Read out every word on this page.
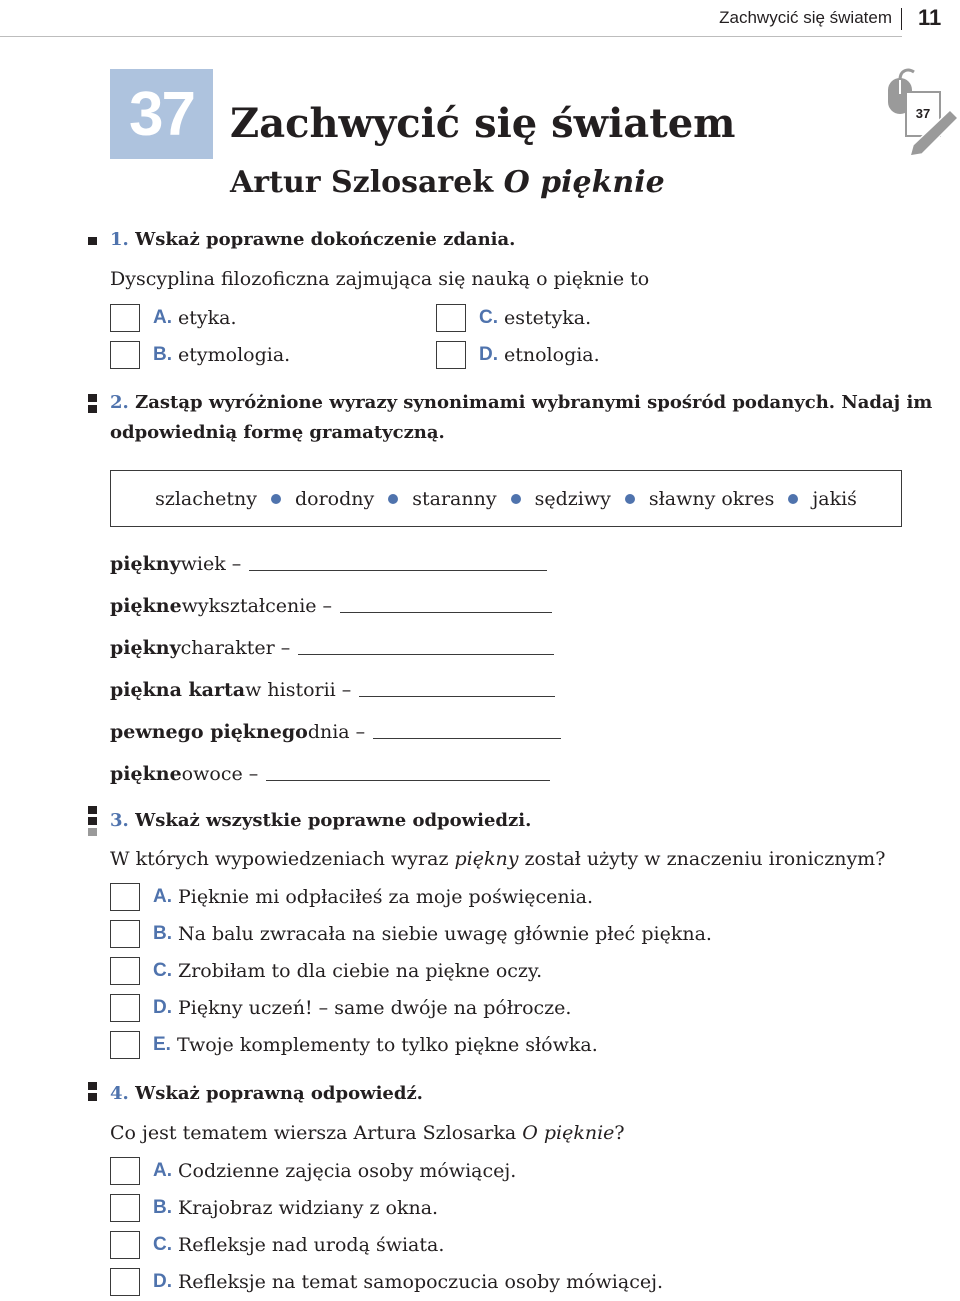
Zachwycić się światem 11
37 Zachwycić się światem
Artur Szlosarek O pięknie
37
1. Wskaż poprawne dokończenie zdania.
Dyscyplina filozoficzna zajmująca się nauką o pięknie to
A. etyka.
B. etymologia.
C. estetyka.
D. etnologia.
2. Zastąp wyróżnione wyrazy synonimami wybranymi spośród podanych. Nadaj im
odpowiednią formę gramatyczną.
szlachetny dorodny staranny sędziwy sławny okres jakiś
piękny wiek –
piękne wykształcenie –
piękny charakter –
piękna karta w historii –
pewnego pięknego dnia –
piękne owoce –
3. Wskaż wszystkie poprawne odpowiedzi.
W których wypowiedzeniach wyraz piękny został użyty w znaczeniu ironicznym?
A. Pięknie mi odpłaciłeś za moje poświęcenia.
B. Na balu zwracała na siebie uwagę głównie płeć piękna.
C. Zrobiłam to dla ciebie na piękne oczy.
D. Piękny uczeń! – same dwóje na półrocze.
E. Twoje komplementy to tylko piękne słówka.
4. Wskaż poprawną odpowiedź.
Co jest tematem wiersza Artura Szlosarka O pięknie?
A. Codzienne zajęcia osoby mówiącej.
B. Krajobraz widziany z okna.
C. Refleksje nad urodą świata.
D. Refleksje na temat samopoczucia osoby mówiącej.
